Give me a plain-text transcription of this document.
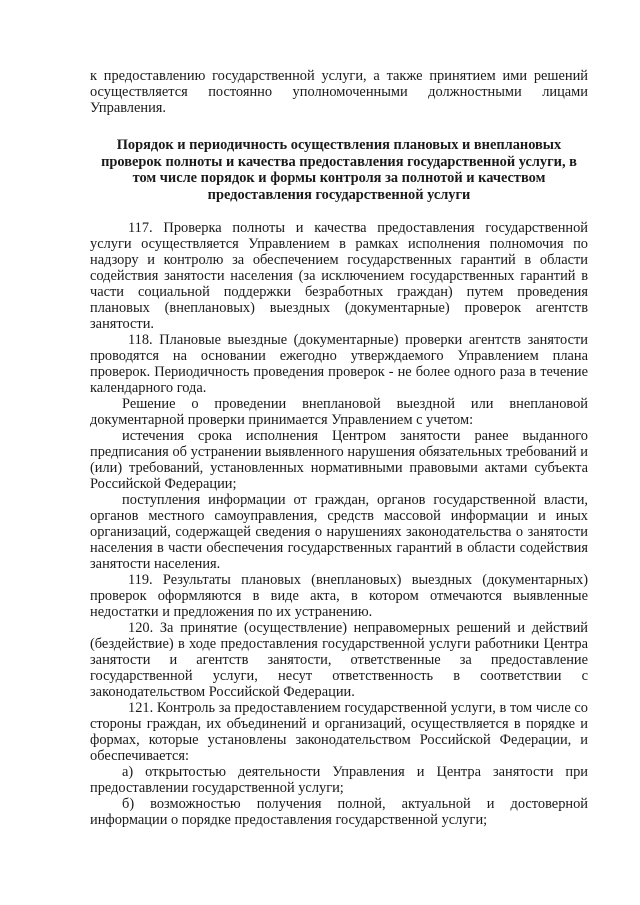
к предоставлению государственной услуги, а также принятием ими решений осуществляется постоянно уполномоченными должностными лицами Управления.

Порядок и периодичность осуществления плановых и внеплановых
проверок полноты и качества предоставления государственной услуги, в
том числе порядок и формы контроля за полнотой и качеством
предоставления государственной услуги

117. Проверка полноты и качества предоставления государственной услуги осуществляется Управлением в рамках исполнения полномочия по надзору и контролю за обеспечением государственных гарантий в области содействия занятости населения (за исключением государственных гарантий в части социальной поддержки безработных граждан) путем проведения плановых (внеплановых) выездных (документарные) проверок агентств занятости.

118. Плановые выездные (документарные) проверки агентств занятости проводятся на основании ежегодно утверждаемого Управлением плана проверок. Периодичность проведения проверок - не более одного раза в течение календарного года.

Решение о проведении внеплановой выездной или внеплановой документарной проверки принимается Управлением с учетом:

истечения срока исполнения Центром занятости ранее выданного предписания об устранении выявленного нарушения обязательных требований и (или) требований, установленных нормативными правовыми актами субъекта Российской Федерации;

поступления информации от граждан, органов государственной власти, органов местного самоуправления, средств массовой информации и иных организаций, содержащей сведения о нарушениях законодательства о занятости населения в части обеспечения государственных гарантий в области содействия занятости населения.

119. Результаты плановых (внеплановых) выездных (документарных) проверок оформляются в виде акта, в котором отмечаются выявленные недостатки и предложения по их устранению.

120. За принятие (осуществление) неправомерных решений и действий (бездействие) в ходе предоставления государственной услуги работники Центра занятости и агентств занятости, ответственные за предоставление государственной услуги, несут ответственность в соответствии с законодательством Российской Федерации.

121. Контроль за предоставлением государственной услуги, в том числе со стороны граждан, их объединений и организаций, осуществляется в порядке и формах, которые установлены законодательством Российской Федерации, и обеспечивается:

а) открытостью деятельности Управления и Центра занятости при предоставлении государственной услуги;

б) возможностью получения полной, актуальной и достоверной информации о порядке предоставления государственной услуги;
